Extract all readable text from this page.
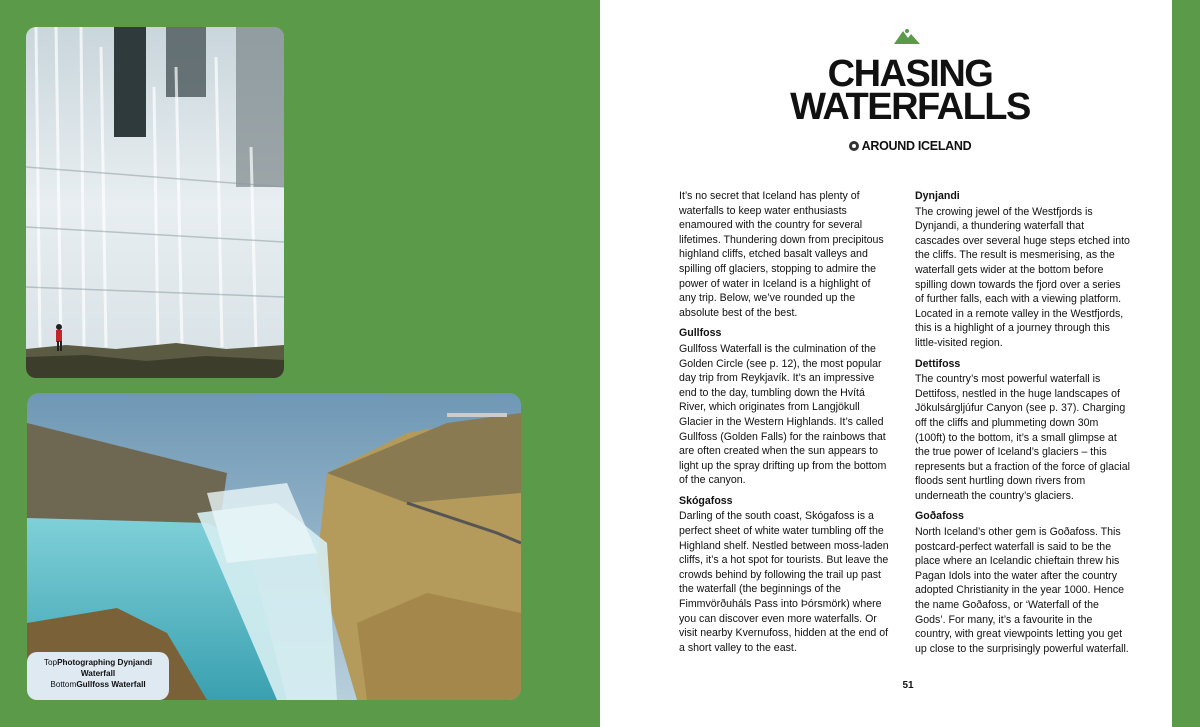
TopPhotographing Dynjandi Waterfall
BottomGullfoss Waterfall
CHASING
WATERFALLS
AROUND ICELAND

It’s no secret that Iceland has plenty of waterfalls to keep water enthusiasts enamoured with the country for several lifetimes. Thundering down from precipitous highland cliffs, etched basalt valleys and spilling off glaciers, stopping to admire the power of water in Iceland is a highlight of any trip. Below, we’ve rounded up the absolute best of the best.

Gullfoss

Gullfoss Waterfall is the culmination of the Golden Circle (see p. 12), the most popular day trip from Reykjavík. It’s an impressive end to the day, tumbling down the Hvítá River, which originates from Langjökull Glacier in the Western Highlands. It’s called Gullfoss (Golden Falls) for the rainbows that are often created when the sun appears to light up the spray drifting up from the bottom of the canyon.

Skógafoss

Darling of the south coast, Skógafoss is a perfect sheet of white water tumbling off the Highland shelf. Nestled between moss-laden cliffs, it’s a hot spot for tourists. But leave the crowds behind by following the trail up past the waterfall (the beginnings of the Fimmvörðuháls Pass into Þórsmörk) where you can discover even more waterfalls. Or visit nearby Kvernufoss, hidden at the end of a short valley to the east.

Dynjandi

The crowing jewel of the Westfjords is Dynjandi, a thundering waterfall that cascades over several huge steps etched into the cliffs. The result is mesmerising, as the waterfall gets wider at the bottom before spilling down towards the fjord over a series of further falls, each with a viewing platform. Located in a remote valley in the Westfjords, this is a highlight of a journey through this little-visited region.

Dettifoss

The country’s most powerful waterfall is Dettifoss, nestled in the huge landscapes of Jökulsárgljúfur Canyon (see p. 37). Charging off the cliffs and plummeting down 30m (100ft) to the bottom, it’s a small glimpse at the true power of Iceland’s glaciers – this represents but a fraction of the force of glacial floods sent hurtling down rivers from underneath the country’s glaciers.

Goðafoss

North Iceland’s other gem is Goðafoss. This postcard-perfect waterfall is said to be the place where an Icelandic chieftain threw his Pagan Idols into the water after the country adopted Christianity in the year 1000. Hence the name Goðafoss, or ‘Waterfall of the Gods’. For many, it’s a favourite in the country, with great viewpoints letting you get up close to the surprisingly powerful waterfall.

51
